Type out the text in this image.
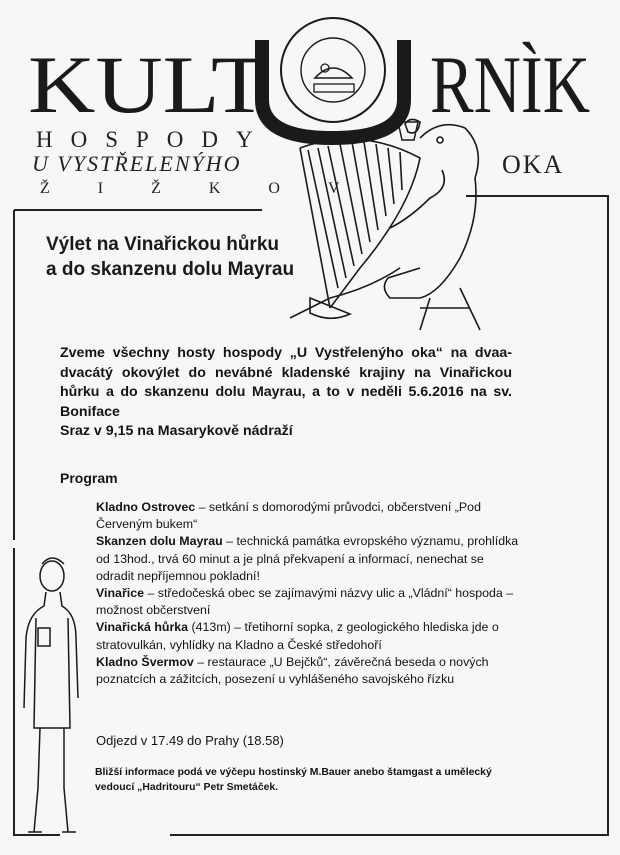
KULT RNÌK
HOSPODY
U VYSTŘELENÝHO	OKA
ŽIŽKOV
Výlet na Vinařickou hůrku
a do skanzenu dolu Mayrau
Zveme všechny hosty hospody „U Vystřelenýho oka“ na dvaa-dvacátý okovýlet do nevábné kladenské krajiny na Vinařickou hůrku a do skanzenu dolu Mayrau, a to v neděli 5.6.2016 na sv. Boniface
Sraz v 9,15 na Masarykově nádraží
Program
Kladno Ostrovec – setkání s domorodými průvodci, občerstvení „Pod Červeným bukem“
Skanzen dolu Mayrau – technická památka evropského významu, prohlídka od 13hod., trvá 60 minut a je plná překvapení a informací, nenechat se odradit nepříjemnou pokladní!
Vinařice – středočeská obec se zajímavými názvy ulic a „Vládní“ hospoda – možnost občerstvení
Vinařická hůrka (413m) – třetihorní sopka, z geologického hlediska jde o stratovulkán, vyhlídky na Kladno a České středohoří
Kladno Švermov – restaurace „U Bejčků“, závěrečná beseda o nových poznatcích a zážitcích, posezení u vyhlášeného savojského řízku
Odjezd v 17.49 do Prahy (18.58)
Bližší informace podá ve výčepu hostinský M.Bauer anebo štamgast a umělecký vedoucí „Hadritouru“ Petr Smetáček.
